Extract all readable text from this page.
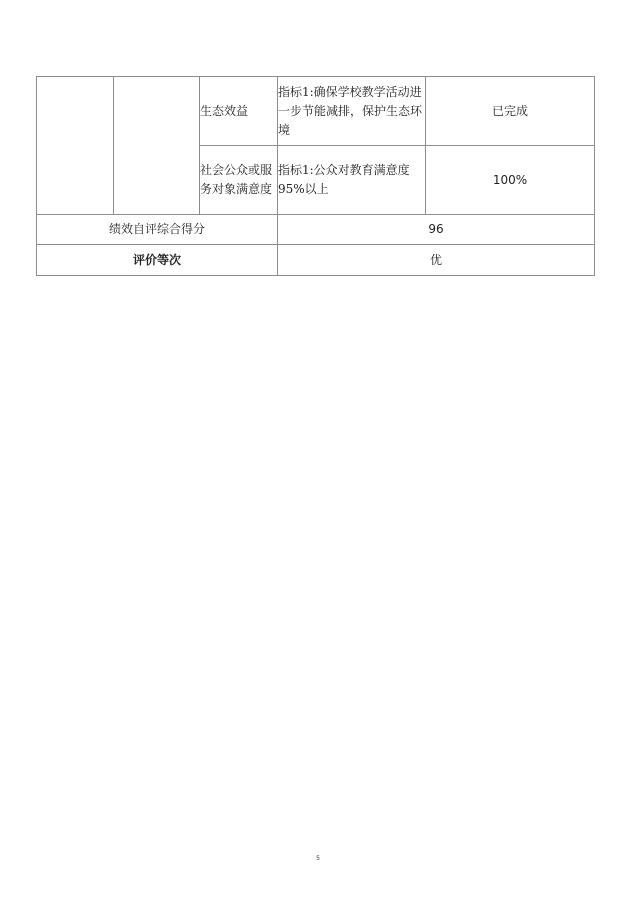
		生态效益	指标1:确保学校教学活动进一步节能减排，保护生态环境	已完成
		社会公众或服务对象满意度	指标1:公众对教育满意度95%以上	100%
绩效自评综合得分			96	
评价等次			优	
5
